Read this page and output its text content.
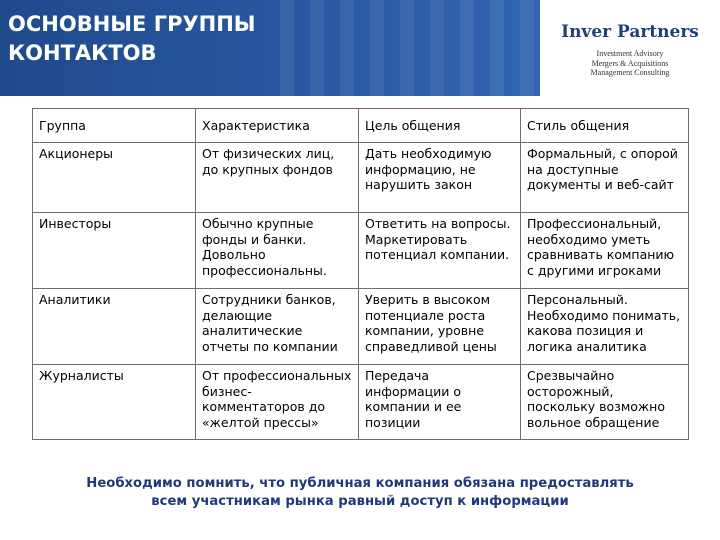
ОСНОВНЫЕ ГРУППЫ
КОНТАКТОВ
Inver Partners
Investment Advisory
Mergers & Acquisitions
Management Consulting
Группа	Характеристика	Цель общения	Стиль общения
Акционеры	От физических лиц, до крупных фондов	Дать необходимую информацию, не нарушить закон	Формальный, с опорой на доступные документы и веб-сайт
Инвесторы	Обычно крупные фонды и банки. Довольно профессиональны.	Ответить на вопросы. Маркетировать потенциал компании.	Профессиональный, необходимо уметь сравнивать компанию с другими игроками
Аналитики	Сотрудники банков, делающие аналитические отчеты по компании	Уверить в высоком потенциале роста компании, уровне справедливой цены	Персональный. Необходимо понимать, какова позиция и логика аналитика
Журналисты	От профессиональных бизнес-комментаторов до «желтой прессы»	Передача информации о компании и ее позиции	Срезвычайно осторожный, поскольку возможно вольное обращение
Необходимо помнить, что публичная компания обязана предоставлять
всем участникам рынка равный доступ к информации
